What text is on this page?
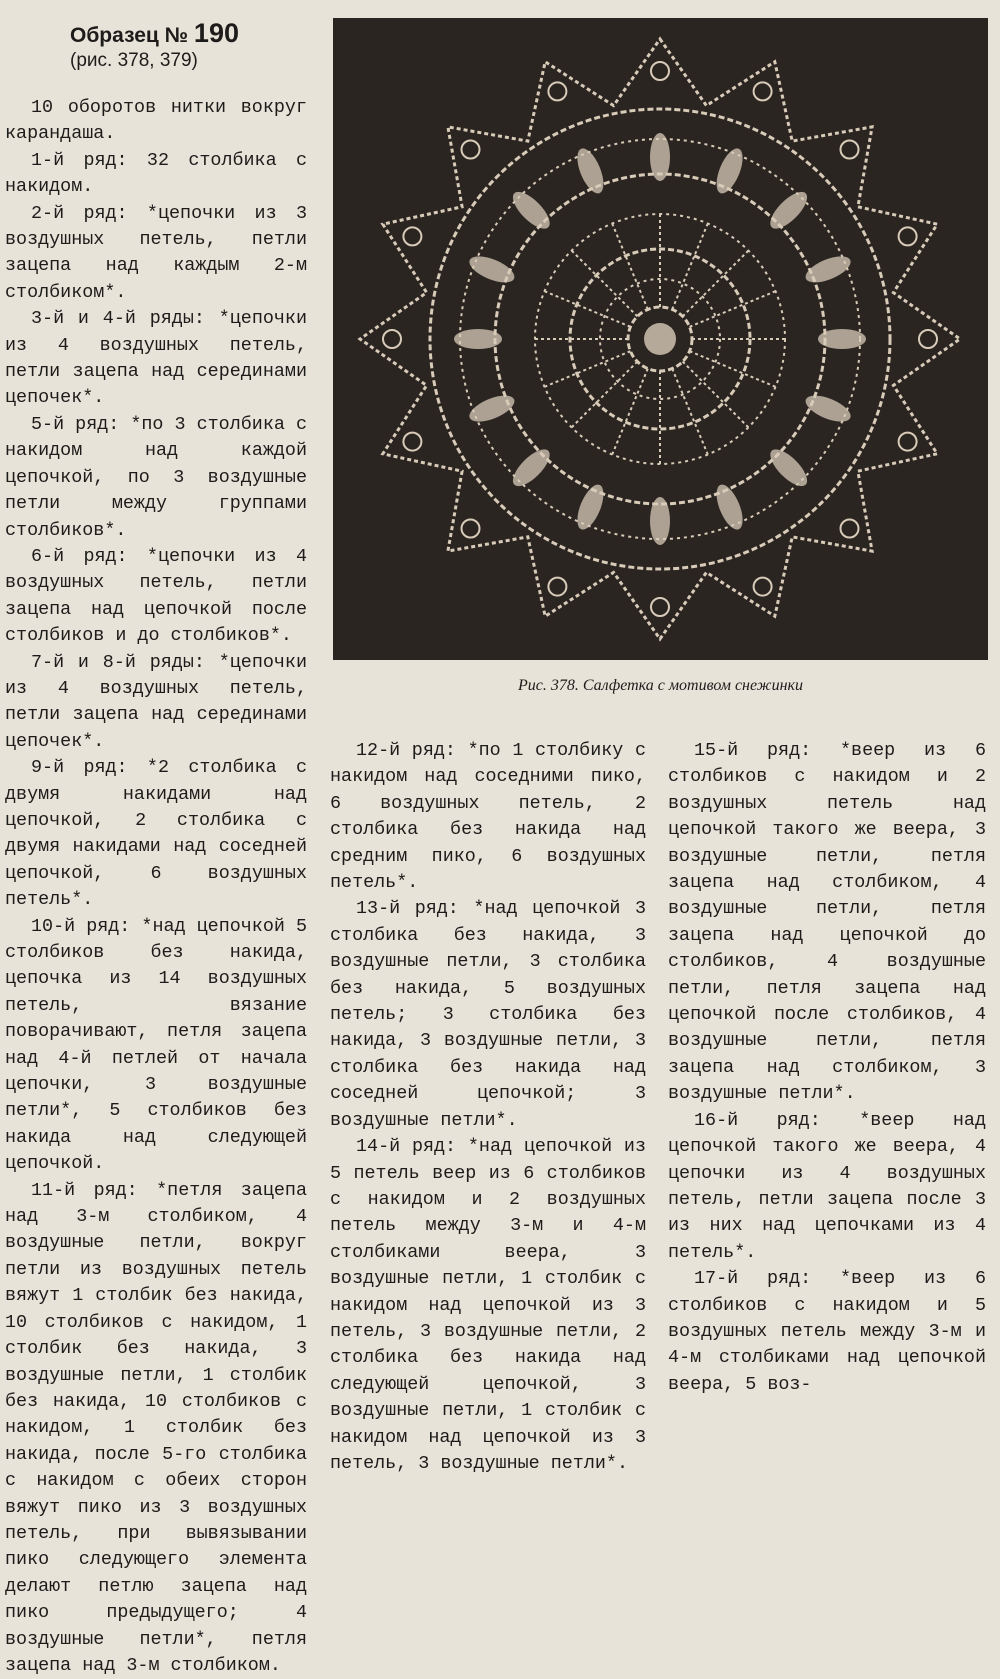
Образец № 190
(рис. 378, 379)
Рис. 378. Салфетка с мотивом снежинки

10 оборотов нитки вокруг карандаша.

1-й ряд: 32 столбика с накидом.

2-й ряд: *цепочки из 3 воздушных петель, петли зацепа над каждым 2-м столбиком*.

3-й и 4-й ряды: *цепочки из 4 воздушных петель, петли зацепа над серединами цепочек*.

5-й ряд: *по 3 столбика с накидом над каждой цепочкой, по 3 воздушные петли между группами столбиков*.

6-й ряд: *цепочки из 4 воздушных петель, петли зацепа над цепочкой после столбиков и до столбиков*.

7-й и 8-й ряды: *цепочки из 4 воздушных петель, петли зацепа над серединами цепочек*.

9-й ряд: *2 столбика с двумя накидами над цепочкой, 2 столбика с двумя накидами над соседней цепочкой, 6 воздушных петель*.

10-й ряд: *над цепочкой 5 столбиков без накида, цепочка из 14 воздушных петель, вязание поворачивают, петля зацепа над 4-й петлей от начала цепочки, 3 воздушные петли*, 5 столбиков без накида над следующей цепочкой.

11-й ряд: *петля зацепа над 3-м столбиком, 4 воздушные петли, вокруг петли из воздушных петель вяжут 1 столбик без накида, 10 столбиков с накидом, 1 столбик без накида, 3 воздушные петли, 1 столбик без накида, 10 столбиков с накидом, 1 столбик без накида, после 5-го столбика с накидом с обеих сторон вяжут пико из 3 воздушных петель, при вывязывании пико следующего элемента делают петлю зацепа над пико предыдущего; 4 воздушные петли*, петля зацепа над 3-м столбиком.

12-й ряд: *по 1 столбику с накидом над соседними пико, 6 воздушных петель, 2 столбика без накида над средним пико, 6 воздушных петель*.

13-й ряд: *над цепочкой 3 столбика без накида, 3 воздушные петли, 3 столбика без накида, 5 воздушных петель; 3 столбика без накида, 3 воздушные петли, 3 столбика без накида над соседней цепочкой; 3 воздушные петли*.

14-й ряд: *над цепочкой из 5 петель веер из 6 столбиков с накидом и 2 воздушных петель между 3-м и 4-м столбиками веера, 3 воздушные петли, 1 столбик с накидом над цепочкой из 3 петель, 3 воздушные петли, 2 столбика без накида над следующей цепочкой, 3 воздушные петли, 1 столбик с накидом над цепочкой из 3 петель, 3 воздушные петли*.

15-й ряд: *веер из 6 столбиков с накидом и 2 воздушных петель над цепочкой такого же веера, 3 воздушные петли, петля зацепа над столбиком, 4 воздушные петли, петля зацепа над цепочкой до столбиков, 4 воздушные петли, петля зацепа над цепочкой после столбиков, 4 воздушные петли, петля зацепа над столбиком, 3 воздушные петли*.

16-й ряд: *веер над цепочкой такого же веера, 4 цепочки из 4 воздушных петель, петли зацепа после 3 из них над цепочками из 4 петель*.

17-й ряд: *веер из 6 столбиков с накидом и 5 воздушных петель между 3-м и 4-м столбиками над цепочкой веера, 5 воз-
